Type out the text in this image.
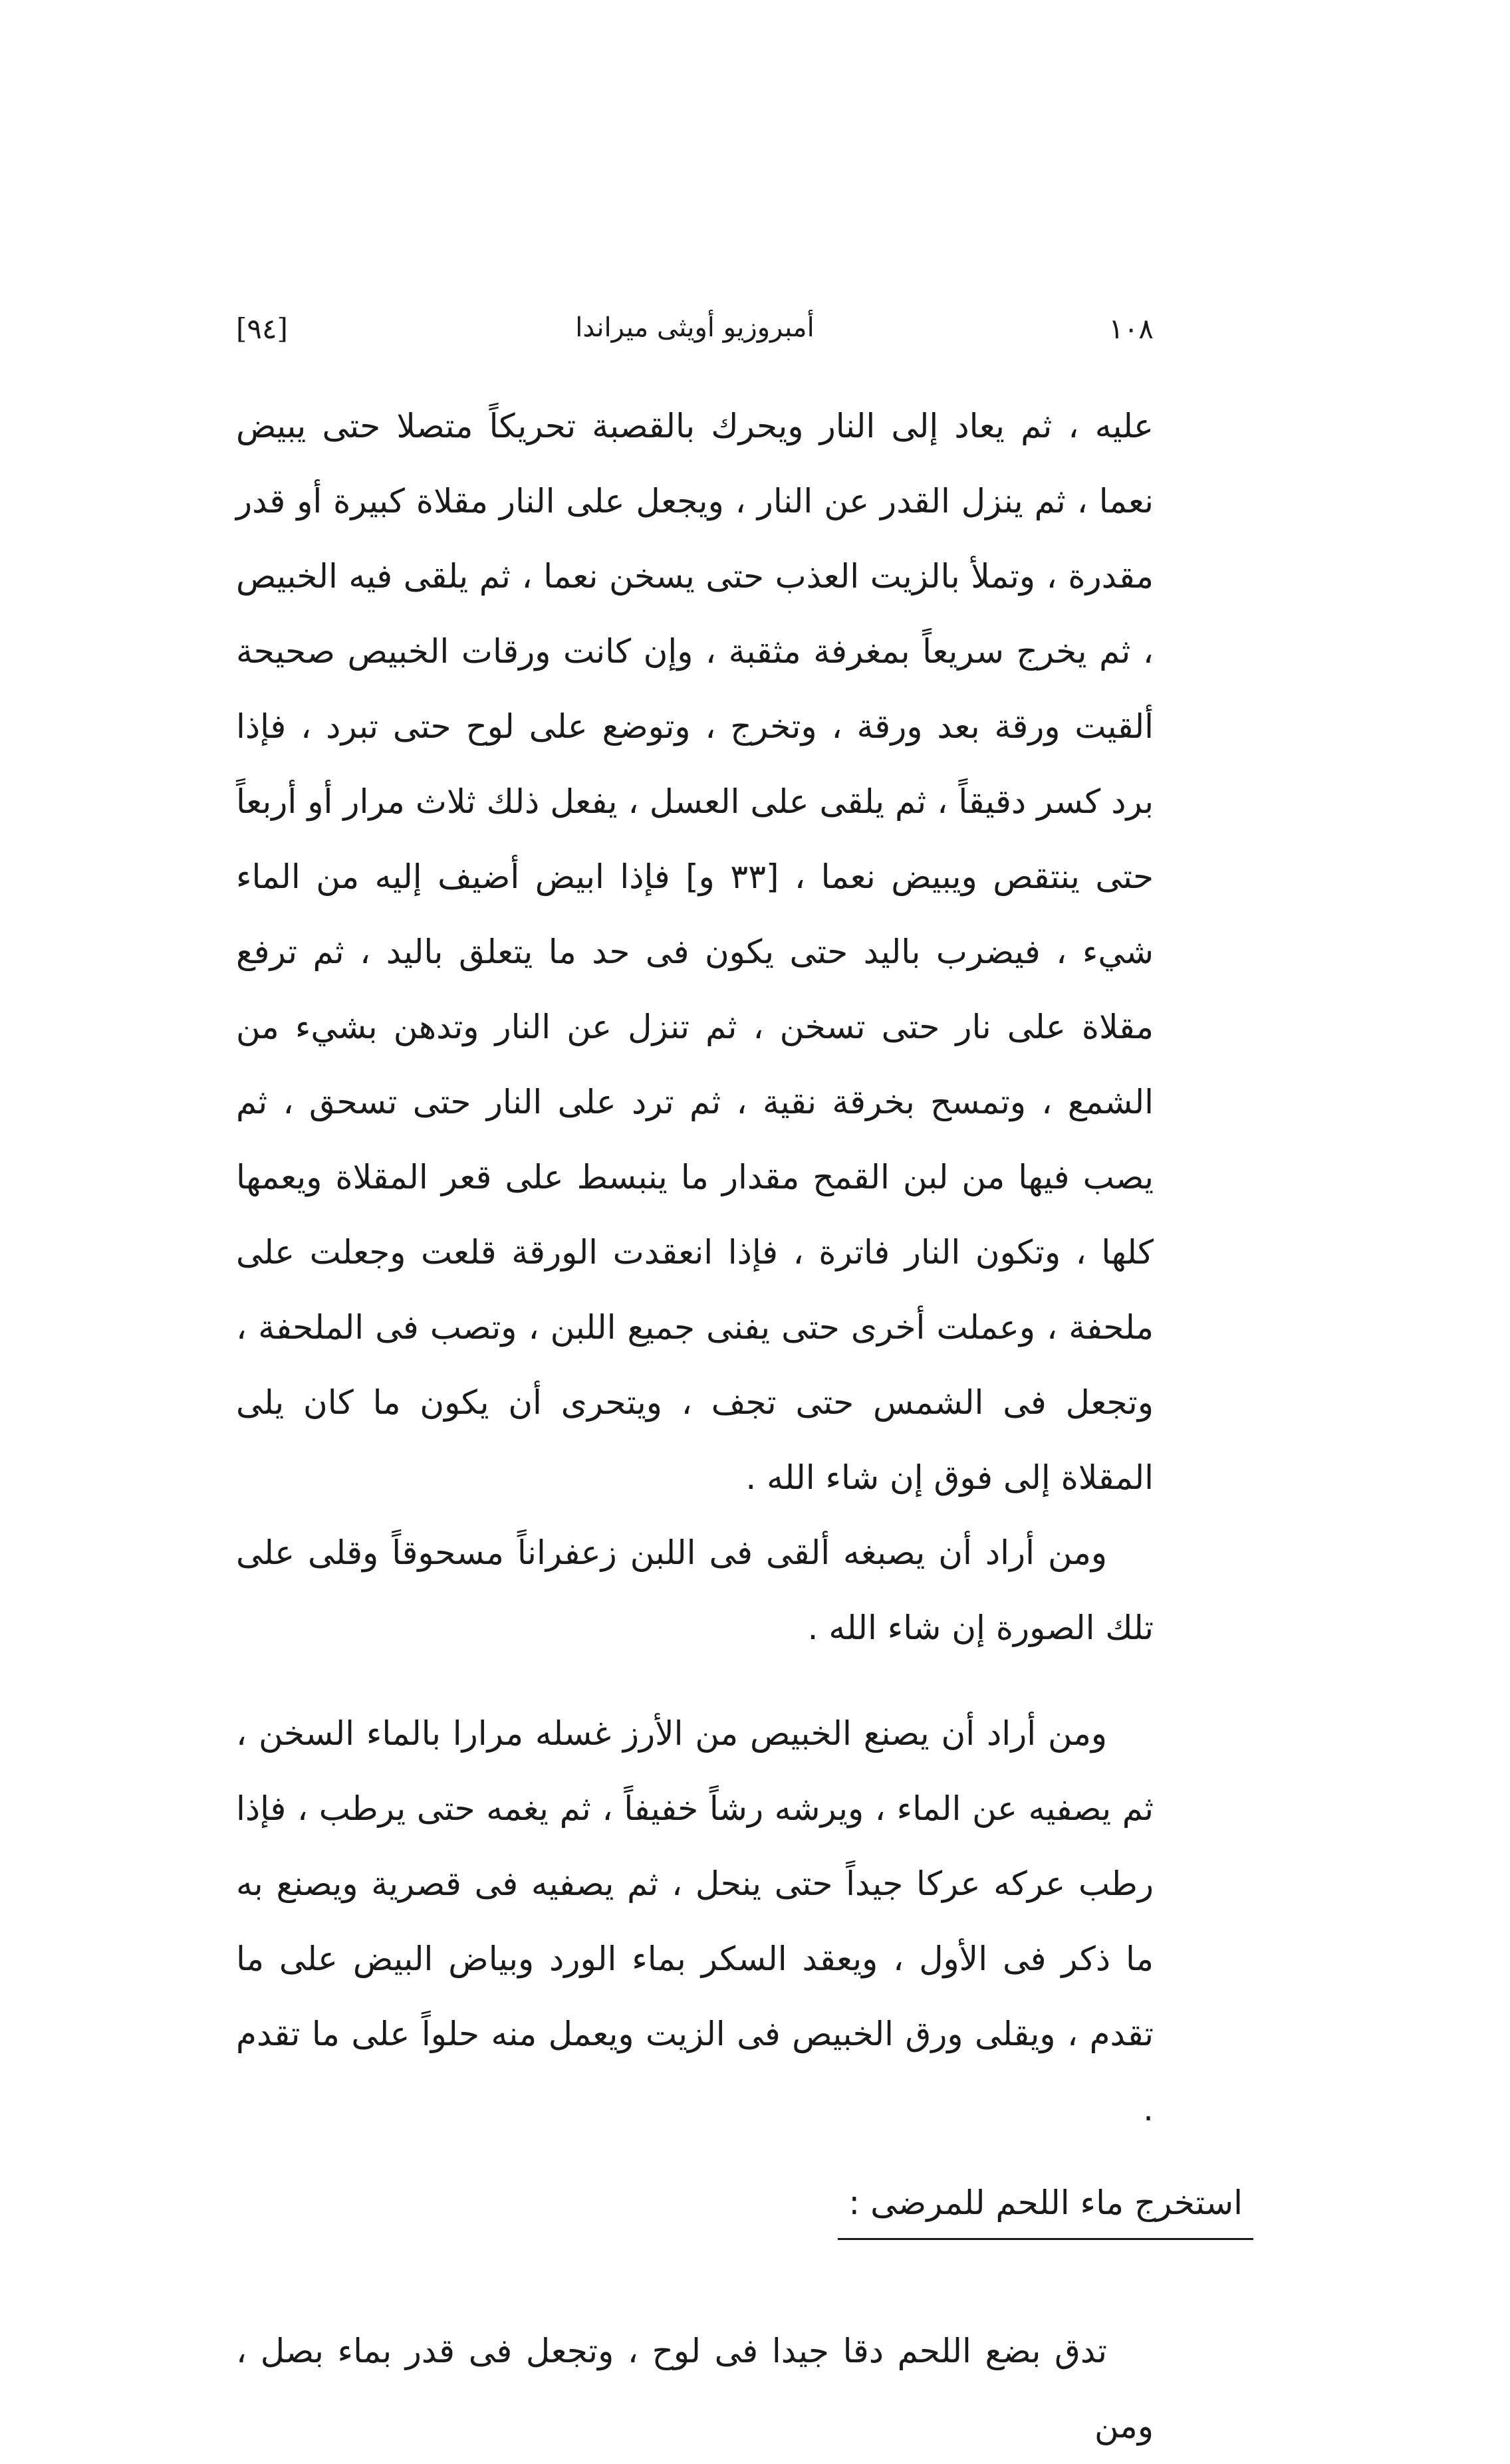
١٠٨
أمبروزيو أويثى ميراندا
[٩٤]

عليه ، ثم يعاد إلى النار ويحرك بالقصبة تحريكاً متصلا حتى يبيض نعما ، ثم ينزل القدر عن النار ، ويجعل على النار مقلاة كبيرة أو قدر مقدرة ، وتملأ بالزيت العذب حتى يسخن نعما ، ثم يلقى فيه الخبيص ، ثم يخرج سريعاً بمغرفة مثقبة ، وإن كانت ورقات الخبيص صحيحة ألقيت ورقة بعد ورقة ، وتخرج ، وتوضع على لوح حتى تبرد ، فإذا برد كسر دقيقاً ، ثم يلقى على العسل ، يفعل ذلك ثلاث مرار أو أربعاً حتى ينتقص ويبيض نعما ، [٣٣ و] فإذا ابيض أضيف إليه من الماء شيء ، فيضرب باليد حتى يكون فى حد ما يتعلق باليد ، ثم ترفع مقلاة على نار حتى تسخن ، ثم تنزل عن النار وتدهن بشيء من الشمع ، وتمسح بخرقة نقية ، ثم ترد على النار حتى تسحق ، ثم يصب فيها من لبن القمح مقدار ما ينبسط على قعر المقلاة ويعمها كلها ، وتكون النار فاترة ، فإذا انعقدت الورقة قلعت وجعلت على ملحفة ، وعملت أخرى حتى يفنى جميع اللبن ، وتصب فى الملحفة ، وتجعل فى الشمس حتى تجف ، ويتحرى أن يكون ما كان يلى المقلاة إلى فوق إن شاء الله .

ومن أراد أن يصبغه ألقى فى اللبن زعفراناً مسحوقاً وقلى على تلك الصورة إن شاء الله .

ومن أراد أن يصنع الخبيص من الأرز غسله مرارا بالماء السخن ، ثم يصفيه عن الماء ، ويرشه رشاً خفيفاً ، ثم يغمه حتى يرطب ، فإذا رطب عركه عركا جيداً حتى ينحل ، ثم يصفيه فى قصرية ويصنع به ما ذكر فى الأول ، ويعقد السكر بماء الورد وبياض البيض على ما تقدم ، ويقلى ورق الخبيص فى الزيت ويعمل منه حلواً على ما تقدم .

استخرج ماء اللحم للمرضى :

تدق بضع اللحم دقا جيدا فى لوح ، وتجعل فى قدر بماء بصل ، ومن
